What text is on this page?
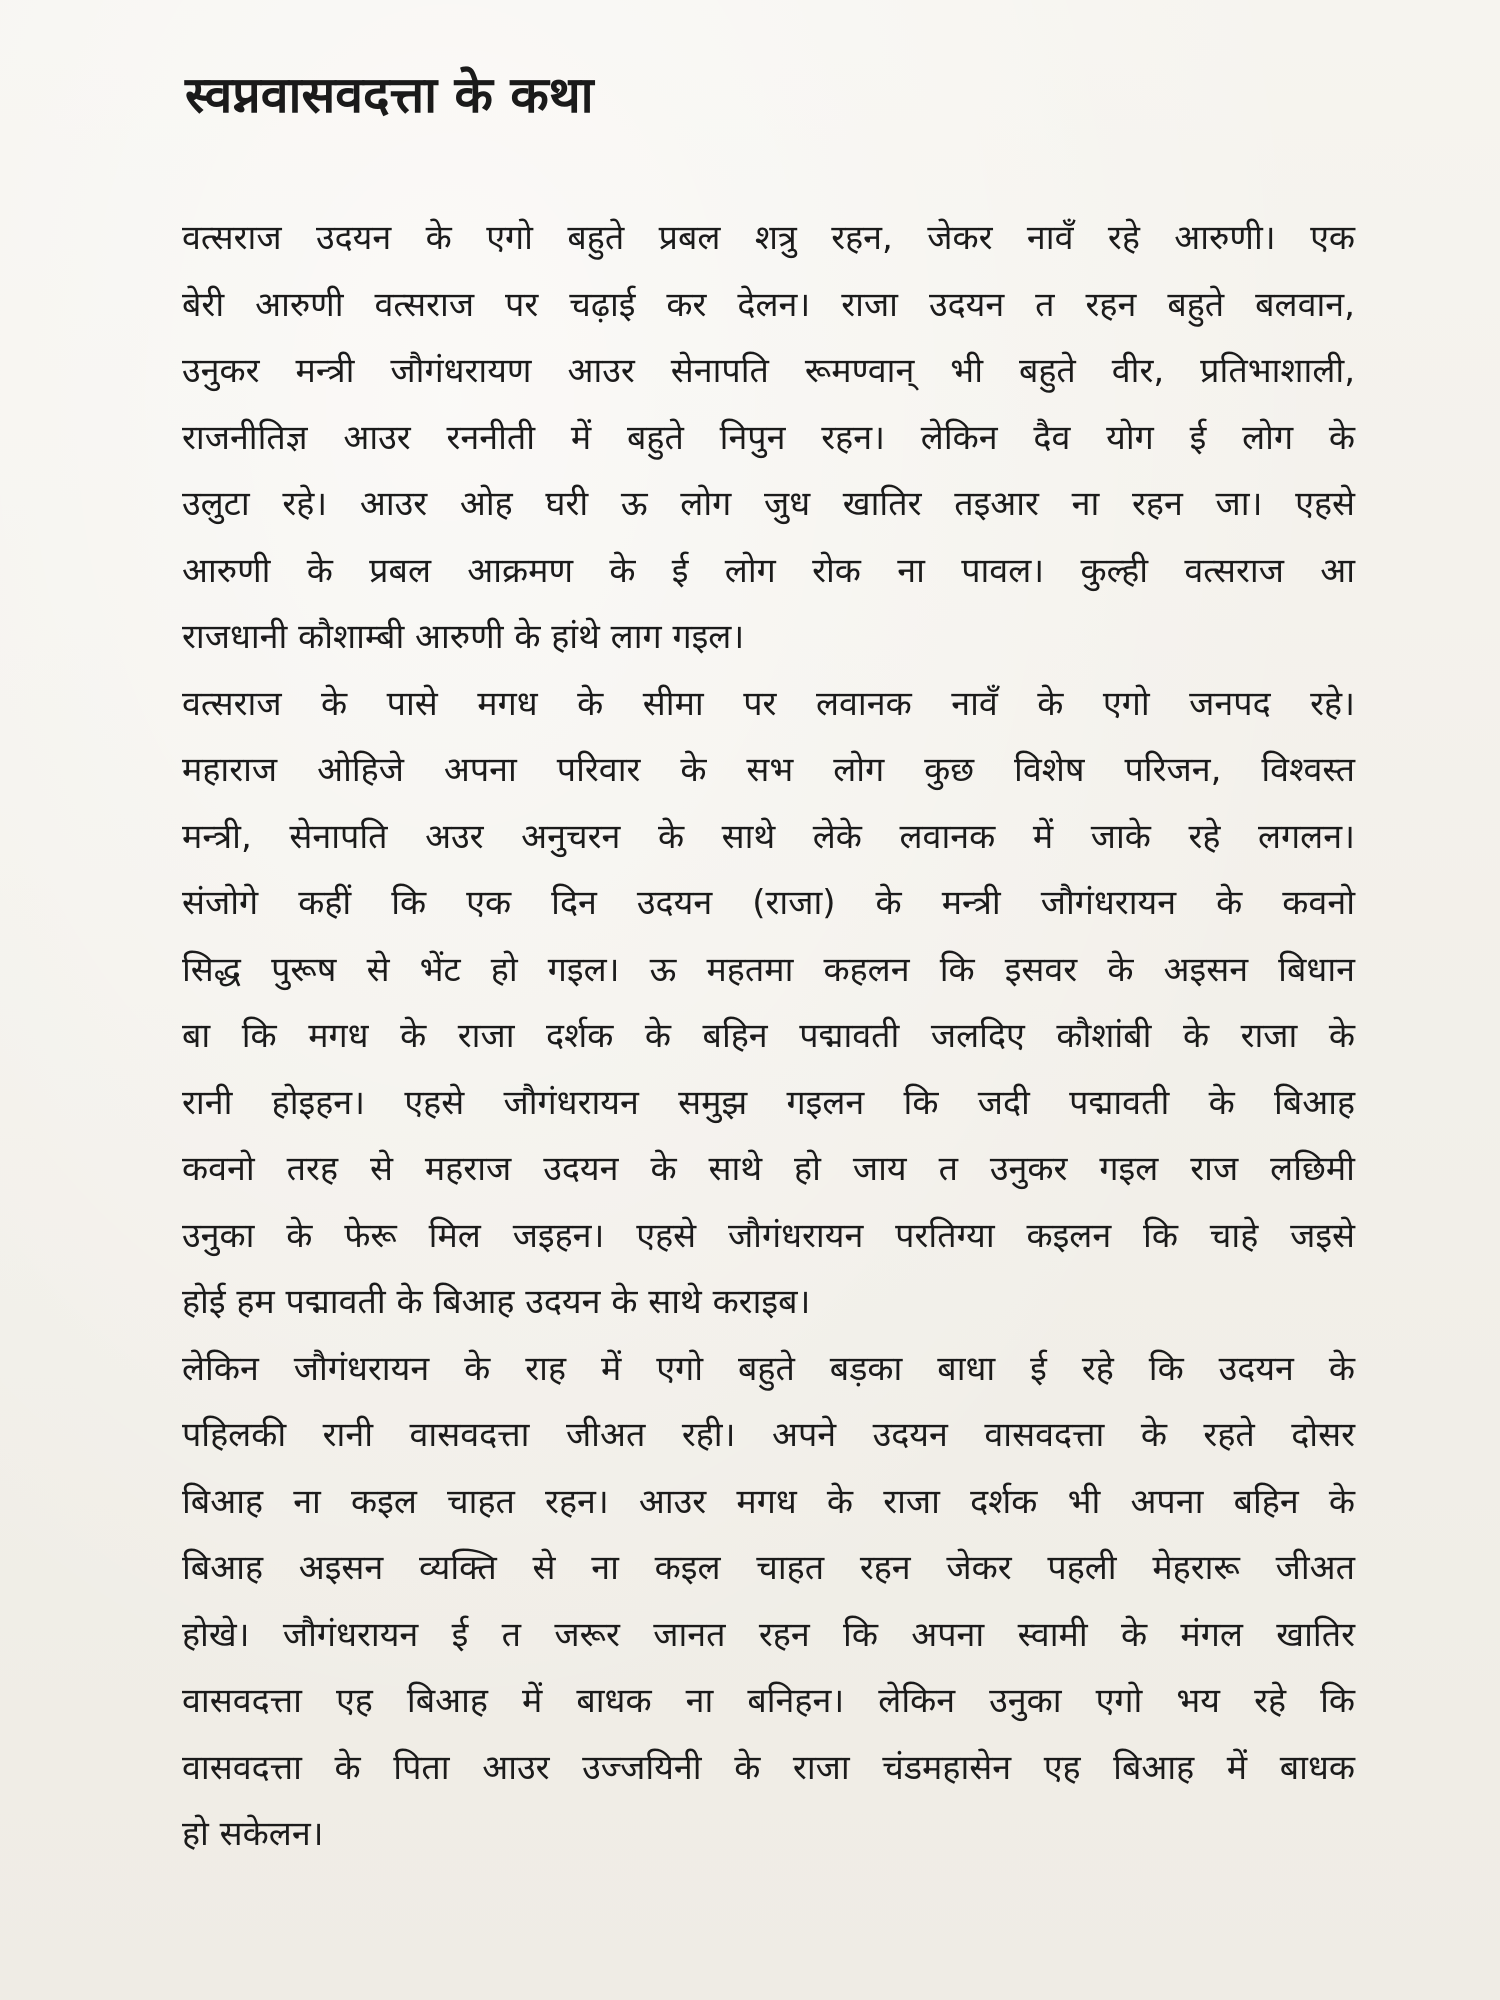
स्वप्नवासवदत्ता के कथा
वत्सराज उदयन के एगो बहुते प्रबल शत्रु रहन, जेकर नावँ रहे आरुणी। एक
बेरी आरुणी वत्सराज पर चढ़ाई कर देलन। राजा उदयन त रहन बहुते बलवान,
उनुकर मन्त्री जौगंधरायण आउर सेनापति रूमण्वान् भी बहुते वीर, प्रतिभाशाली,
राजनीतिज्ञ आउर रननीती में बहुते निपुन रहन। लेकिन दैव योग ई लोग के
उलुटा रहे। आउर ओह घरी ऊ लोग जुध खातिर तइआर ना रहन जा। एहसे
आरुणी के प्रबल आक्रमण के ई लोग रोक ना पावल। कुल्ही वत्सराज आ
राजधानी कौशाम्बी आरुणी के हांथे लाग गइल।
वत्सराज के पासे मगध के सीमा पर लवानक नावँ के एगो जनपद रहे।
महाराज ओहिजे अपना परिवार के सभ लोग कुछ विशेष परिजन, विश्वस्त
मन्त्री, सेनापति अउर अनुचरन के साथे लेके लवानक में जाके रहे लगलन।
संजोगे कहीं कि एक दिन उदयन (राजा) के मन्त्री जौगंधरायन के कवनो
सिद्ध पुरूष से भेंट हो गइल। ऊ महतमा कहलन कि इसवर के अइसन बिधान
बा कि मगध के राजा दर्शक के बहिन पद्मावती जलदिए कौशांबी के राजा के
रानी होइहन। एहसे जौगंधरायन समुझ गइलन कि जदी पद्मावती के बिआह
कवनो तरह से महराज उदयन के साथे हो जाय त उनुकर गइल राज लछिमी
उनुका के फेरू मिल जइहन। एहसे जौगंधरायन परतिग्या कइलन कि चाहे जइसे
होई हम पद्मावती के बिआह उदयन के साथे कराइब।
लेकिन जौगंधरायन के राह में एगो बहुते बड़का बाधा ई रहे कि उदयन के
पहिलकी रानी वासवदत्ता जीअत रही। अपने उदयन वासवदत्ता के रहते दोसर
बिआह ना कइल चाहत रहन। आउर मगध के राजा दर्शक भी अपना बहिन के
बिआह अइसन व्यक्ति से ना कइल चाहत रहन जेकर पहली मेहरारू जीअत
होखे। जौगंधरायन ई त जरूर जानत रहन कि अपना स्वामी के मंगल खातिर
वासवदत्ता एह बिआह में बाधक ना बनिहन। लेकिन उनुका एगो भय रहे कि
वासवदत्ता के पिता आउर उज्जयिनी के राजा चंडमहासेन एह बिआह में बाधक
हो सकेलन।
